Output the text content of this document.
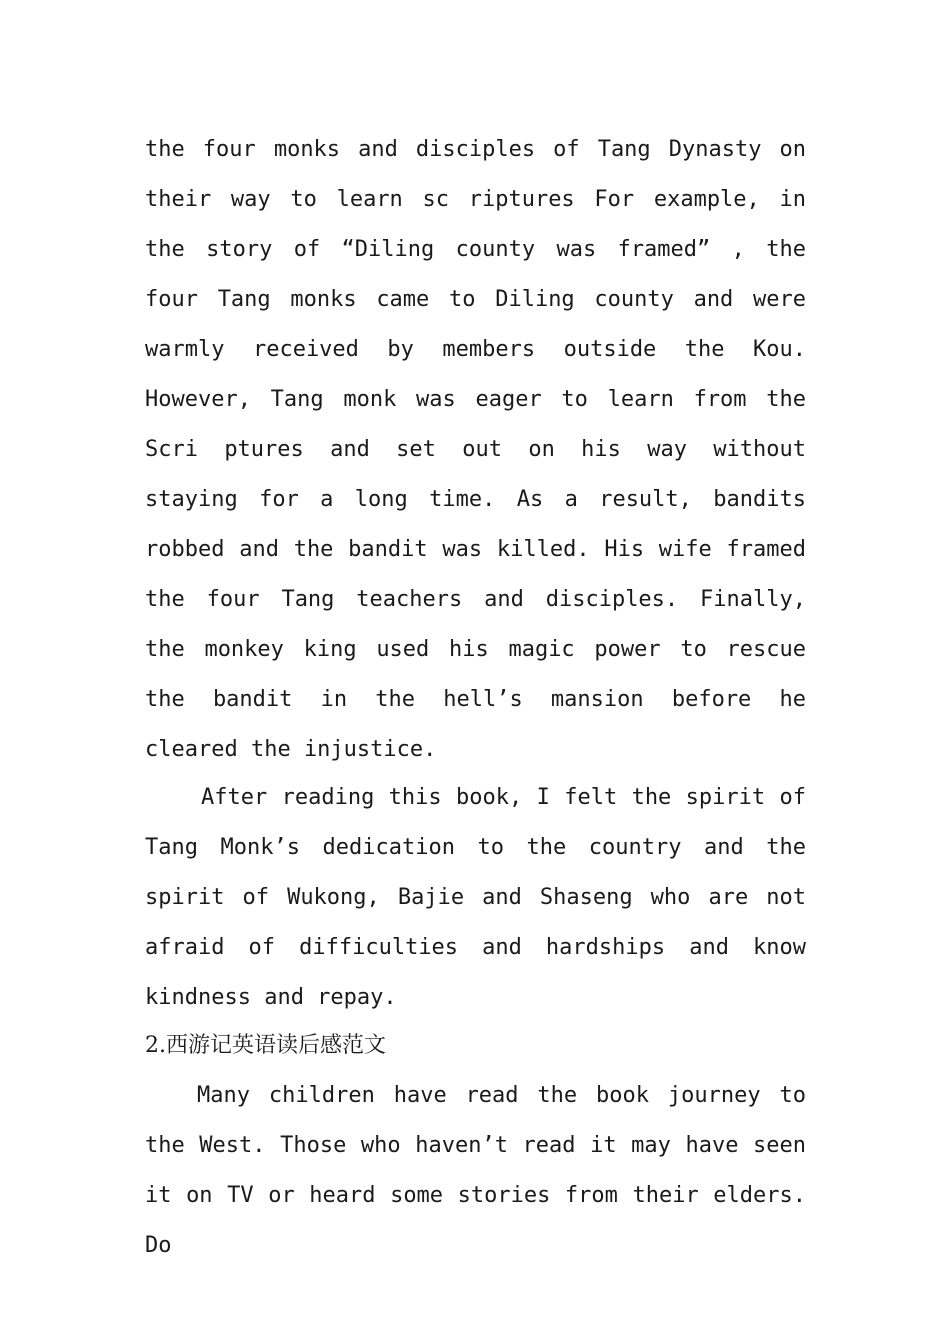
the four monks and disciples of Tang Dynasty on their way to learn sc riptures For example, in the story of “Diling county was framed” , the four Tang monks came to Diling county and were warmly received by members outside the Kou. However, Tang monk was eager to learn from the Scri ptures and set out on his way without staying for a long time. As a result, bandits robbed and the bandit was killed. His wife framed the four Tang teachers and disciples. Finally, the monkey king used his magic power to rescue the bandit in the hell’s mansion before he cleared the injustice.

After reading this book, I felt the spirit of Tang Monk’s dedication to the country and the spirit of Wukong, Bajie and Shaseng who are not afraid of difficulties and hardships and know kindness and repay.

2.西游记英语读后感范文

Many children have read the book journey to the West. Those who haven’t read it may have seen it on TV or heard some stories from their elders. Do
